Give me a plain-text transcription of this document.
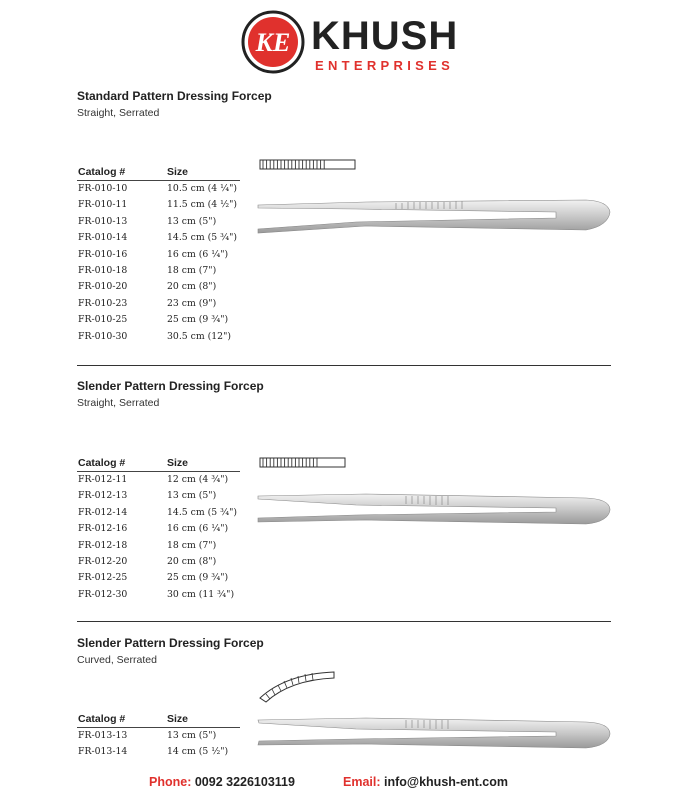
KE KHUSH
ENTERPRISES
Standard Pattern Dressing Forcep
Straight, Serrated
Catalog #	Size
FR-010-10	10.5 cm (4 ¼")
FR-010-11	11.5 cm (4 ½")
FR-010-13	13 cm (5")
FR-010-14	14.5 cm (5 ¾")
FR-010-16	16 cm (6 ¼")
FR-010-18	18 cm (7")
FR-010-20	20 cm (8")
FR-010-23	23 cm (9")
FR-010-25	25 cm (9 ¾")
FR-010-30	30.5 cm (12")
Slender Pattern Dressing Forcep
Straight, Serrated
Catalog #	Size
FR-012-11	12 cm (4 ¾")
FR-012-13	13 cm (5")
FR-012-14	14.5 cm (5 ¾")
FR-012-16	16 cm (6 ¼")
FR-012-18	18 cm (7")
FR-012-20	20 cm (8")
FR-012-25	25 cm (9 ¾")
FR-012-30	30 cm (11 ¾")
Slender Pattern Dressing Forcep
Curved, Serrated
Catalog #	Size
FR-013-13	13 cm (5")
FR-013-14	14 cm (5 ½")
Phone: 0092 3226103119	Email: info@khush-ent.com
